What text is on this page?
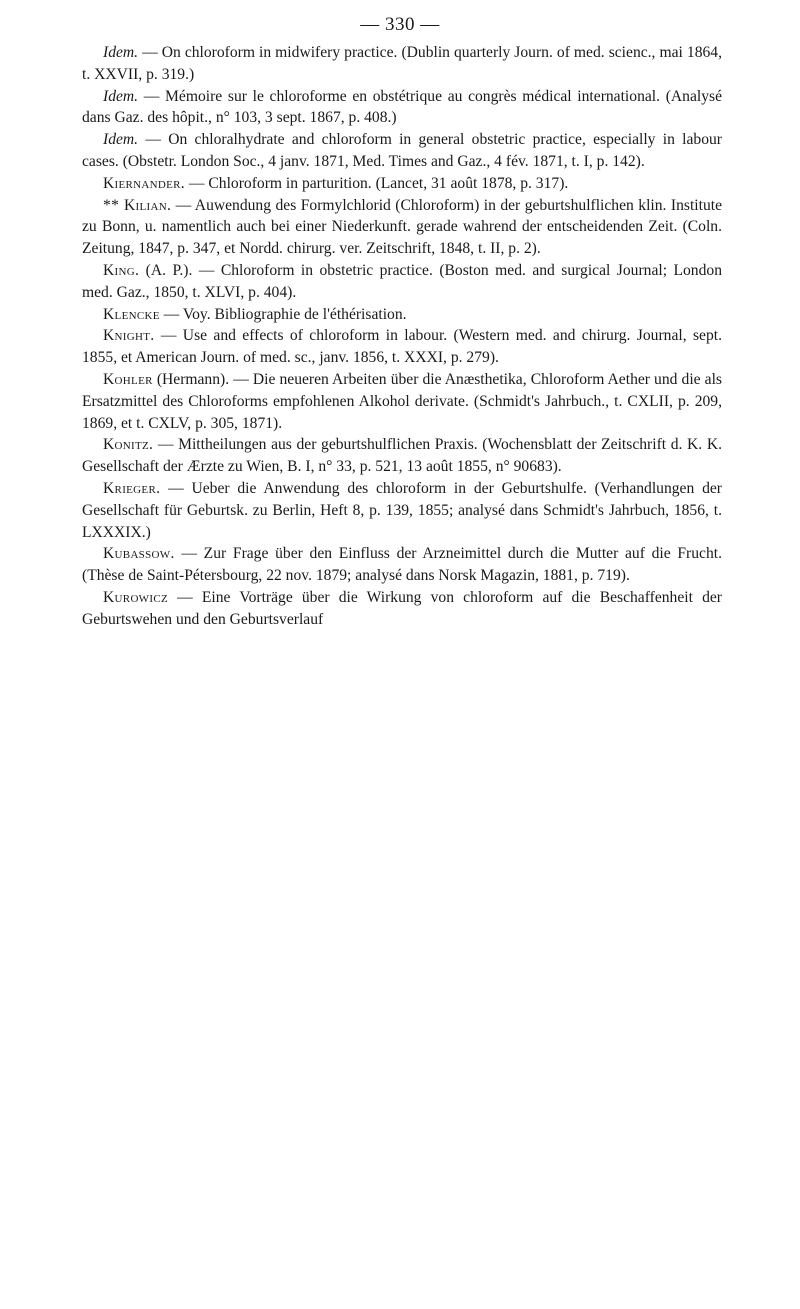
— 330 —

Idem. — On chloroform in midwifery practice. (Dublin quarterly Journ. of med. scienc., mai 1864, t. XXVII, p. 319.)

Idem. — Mémoire sur le chloroforme en obstétrique au congrès médical international. (Analysé dans Gaz. des hôpit., n° 103, 3 sept. 1867, p. 408.)

Idem. — On chloralhydrate and chloroform in general obstetric practice, especially in labour cases. (Obstetr. London Soc., 4 janv. 1871, Med. Times and Gaz., 4 fév. 1871, t. I, p. 142).

Kiernander. — Chloroform in parturition. (Lancet, 31 août 1878, p. 317).

** Kilian. — Auwendung des Formylchlorid (Chloroform) in der geburtshulflichen klin. Institute zu Bonn, u. namentlich auch bei einer Niederkunft. gerade wahrend der entscheidenden Zeit. (Coln. Zeitung, 1847, p. 347, et Nordd. chirurg. ver. Zeitschrift, 1848, t. II, p. 2).

King. (A. P.). — Chloroform in obstetric practice. (Boston med. and surgical Journal; London med. Gaz., 1850, t. XLVI, p. 404).

Klencke — Voy. Bibliographie de l'éthérisation.

Knight. — Use and effects of chloroform in labour. (Western med. and chirurg. Journal, sept. 1855, et American Journ. of med. sc., janv. 1856, t. XXXI, p. 279).

Kohler (Hermann). — Die neueren Arbeiten über die Anæsthetika, Chloroform Aether und die als Ersatzmittel des Chloroforms empfohlenen Alkohol derivate. (Schmidt's Jahrbuch., t. CXLII, p. 209, 1869, et t. CXLV, p. 305, 1871).

Konitz. — Mittheilungen aus der geburtshulflichen Praxis. (Wochensblatt der Zeitschrift d. K. K. Gesellschaft der Ærzte zu Wien, B. I, n° 33, p. 521, 13 août 1855, n° 90683).

Krieger. — Ueber die Anwendung des chloroform in der Geburtshulfe. (Verhandlungen der Gesellschaft für Geburtsk. zu Berlin, Heft 8, p. 139, 1855; analysé dans Schmidt's Jahrbuch, 1856, t. LXXXIX.)

Kubassow. — Zur Frage über den Einfluss der Arzneimittel durch die Mutter auf die Frucht. (Thèse de Saint-Pétersbourg, 22 nov. 1879; analysé dans Norsk Magazin, 1881, p. 719).

Kurowicz — Eine Vorträge über die Wirkung von chloroform auf die Beschaffenheit der Geburtswehen und den Geburtsverlauf
